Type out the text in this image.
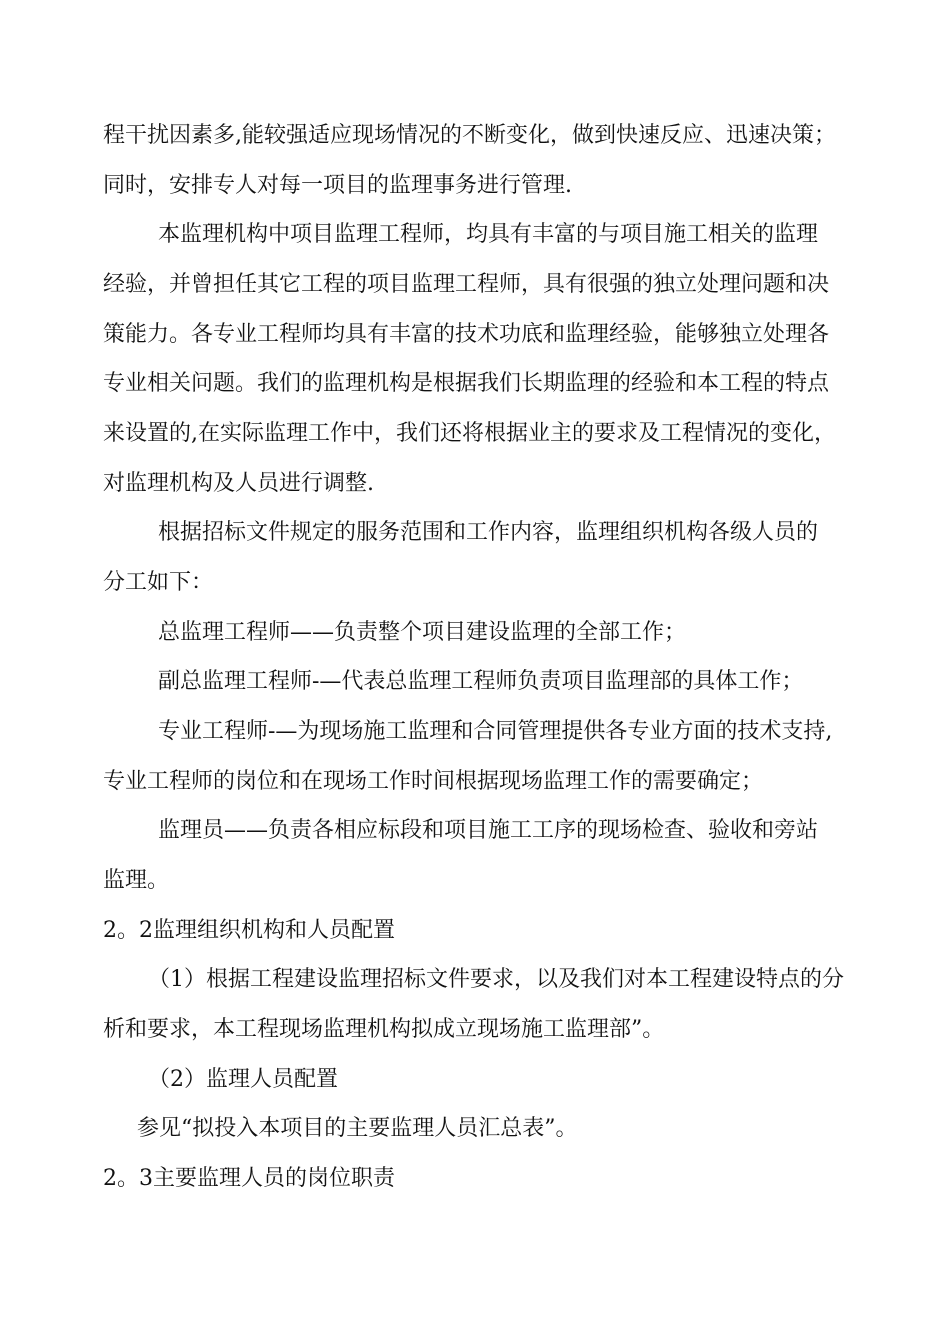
程干扰因素多,能较强适应现场情况的不断变化，做到快速反应、迅速决策；
同时，安排专人对每一项目的监理事务进行管理.
本监理机构中项目监理工程师，均具有丰富的与项目施工相关的监理
经验，并曾担任其它工程的项目监理工程师，具有很强的独立处理问题和决
策能力。各专业工程师均具有丰富的技术功底和监理经验，能够独立处理各
专业相关问题。我们的监理机构是根据我们长期监理的经验和本工程的特点
来设置的,在实际监理工作中，我们还将根据业主的要求及工程情况的变化，
对监理机构及人员进行调整.
根据招标文件规定的服务范围和工作内容，监理组织机构各级人员的
分工如下：
总监理工程师——负责整个项目建设监理的全部工作；
副总监理工程师-—代表总监理工程师负责项目监理部的具体工作；
专业工程师-—为现场施工监理和合同管理提供各专业方面的技术支持,
专业工程师的岗位和在现场工作时间根据现场监理工作的需要确定；
监理员——负责各相应标段和项目施工工序的现场检查、验收和旁站
监理。
2。2监理组织机构和人员配置
（1）根据工程建设监理招标文件要求，以及我们对本工程建设特点的分
析和要求，本工程现场监理机构拟成立现场施工监理部”。
（2）监理人员配置
参见“拟投入本项目的主要监理人员汇总表”。
2。3主要监理人员的岗位职责
